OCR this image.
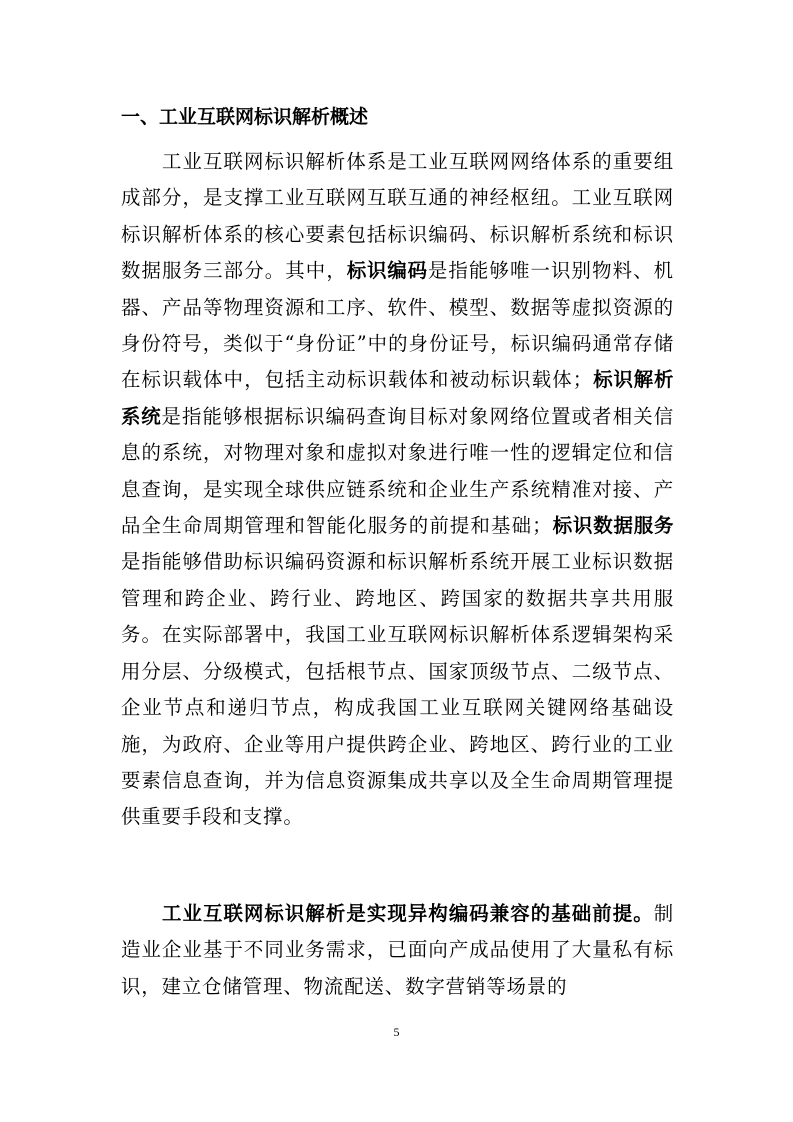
一、工业互联网标识解析概述

工业互联网标识解析体系是工业互联网网络体系的重要组成部分，是支撑工业互联网互联互通的神经枢纽。工业互联网标识解析体系的核心要素包括标识编码、标识解析系统和标识数据服务三部分。其中，标识编码是指能够唯一识别物料、机器、产品等物理资源和工序、软件、模型、数据等虚拟资源的身份符号，类似于“身份证”中的身份证号，标识编码通常存储在标识载体中，包括主动标识载体和被动标识载体；标识解析系统是指能够根据标识编码查询目标对象网络位置或者相关信息的系统，对物理对象和虚拟对象进行唯一性的逻辑定位和信息查询，是实现全球供应链系统和企业生产系统精准对接、产品全生命周期管理和智能化服务的前提和基础；标识数据服务是指能够借助标识编码资源和标识解析系统开展工业标识数据管理和跨企业、跨行业、跨地区、跨国家的数据共享共用服务。在实际部署中，我国工业互联网标识解析体系逻辑架构采用分层、分级模式，包括根节点、国家顶级节点、二级节点、企业节点和递归节点，构成我国工业互联网关键网络基础设施，为政府、企业等用户提供跨企业、跨地区、跨行业的工业要素信息查询，并为信息资源集成共享以及全生命周期管理提供重要手段和支撑。

工业互联网标识解析是实现异构编码兼容的基础前提。制造业企业基于不同业务需求，已面向产成品使用了大量私有标识，建立仓储管理、物流配送、数字营销等场景的

5
